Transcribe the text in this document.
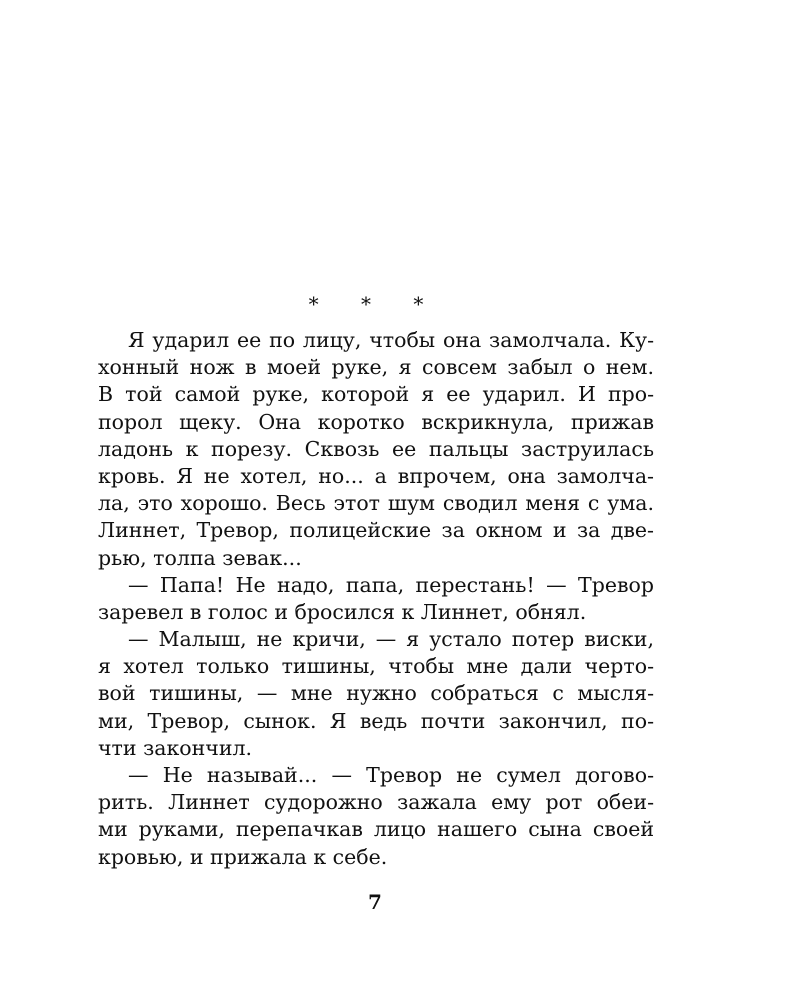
* * *
Я ударил ее по лицу, чтобы она замолчала. Ку-
хонный нож в моей руке, я совсем забыл о нем.
В той самой руке, которой я ее ударил. И про-
порол щеку. Она коротко вскрикнула, прижав
ладонь к порезу. Сквозь ее пальцы заструилась
кровь. Я не хотел, но... а впрочем, она замолча-
ла, это хорошо. Весь этот шум сводил меня с ума.
Линнет, Тревор, полицейские за окном и за две-
рью, толпа зевак...
— Папа! Не надо, папа, перестань! — Тревор
заревел в голос и бросился к Линнет, обнял.
— Малыш, не кричи, — я устало потер виски,
я хотел только тишины, чтобы мне дали черто-
вой тишины, — мне нужно собраться с мысля-
ми, Тревор, сынок. Я ведь почти закончил, по-
чти закончил.
— Не называй... — Тревор не сумел догово-
рить. Линнет судорожно зажала ему рот обеи-
ми руками, перепачкав лицо нашего сына своей
кровью, и прижала к себе.
7
